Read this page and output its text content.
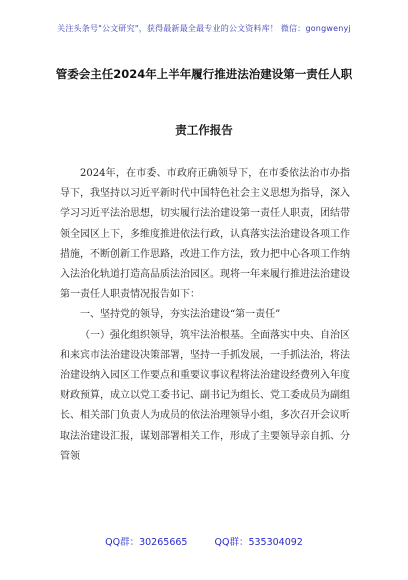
关注头条号"公文研究"，获得最新最全最专业的公文资料库！ 微信：gongwenyj
管委会主任2024年上半年履行推进法治建设第一责任人职
责工作报告

2024年，在市委、市政府正确领导下，在市委依法治市办指导下，我坚持以习近平新时代中国特色社会主义思想为指导，深入学习习近平法治思想，切实履行法治建设第一责任人职责，团结带领全园区上下，多维度推进依法行政，认真落实法治建设各项工作措施，不断创新工作思路，改进工作方法，致力把中心各项工作纳入法治化轨道打造高品质法治园区。现将一年来履行推进法治建设第一责任人职责情况报告如下：

一、坚持党的领导，夯实法治建设“第一责任”

（一）强化组织领导，筑牢法治根基。全面落实中央、自治区和来宾市法治建设决策部署，坚持一手抓发展，一手抓法治，将法治建设纳入园区工作要点和重要议事议程将法治建设经费列入年度财政预算，成立以党工委书记、副书记为组长、党工委成员为副组长、相关部门负责人为成员的依法治理领导小组，多次召开会议听取法治建设汇报，谋划部署相关工作，形成了主要领导亲自抓、分管领

QQ群：30265665	QQ群：535304092
